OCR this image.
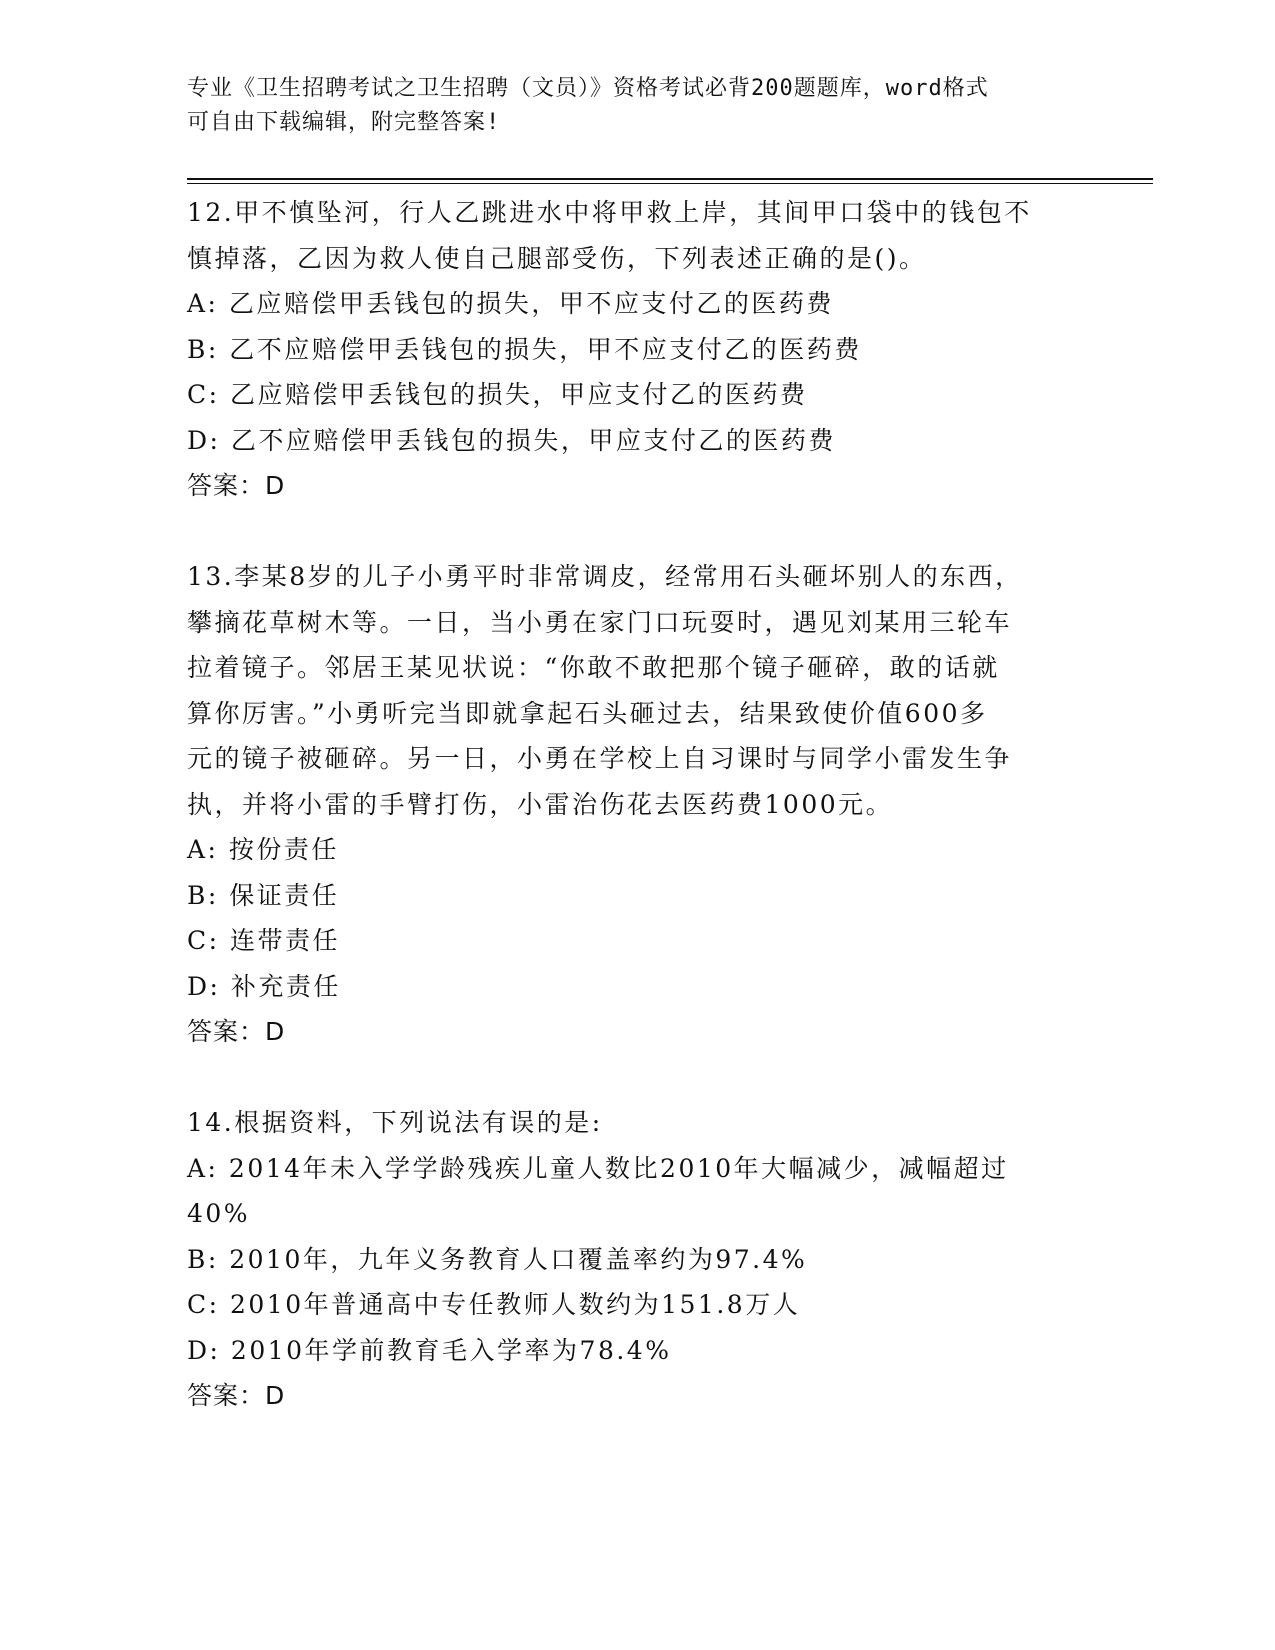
专业《卫生招聘考试之卫生招聘（文员）》资格考试必背200题题库，word格式
可自由下载编辑，附完整答案!
12.甲不慎坠河，行人乙跳进水中将甲救上岸，其间甲口袋中的钱包不
慎掉落，乙因为救人使自己腿部受伤，下列表述正确的是()。
A: 乙应赔偿甲丢钱包的损失，甲不应支付乙的医药费
B: 乙不应赔偿甲丢钱包的损失，甲不应支付乙的医药费
C: 乙应赔偿甲丢钱包的损失，甲应支付乙的医药费
D: 乙不应赔偿甲丢钱包的损失，甲应支付乙的医药费
答案：D
13.李某8岁的儿子小勇平时非常调皮，经常用石头砸坏别人的东西，
攀摘花草树木等。一日，当小勇在家门口玩耍时，遇见刘某用三轮车
拉着镜子。邻居王某见状说：“你敢不敢把那个镜子砸碎，敢的话就
算你厉害。”小勇听完当即就拿起石头砸过去，结果致使价值600多
元的镜子被砸碎。另一日，小勇在学校上自习课时与同学小雷发生争
执，并将小雷的手臂打伤，小雷治伤花去医药费1000元。
A: 按份责任
B: 保证责任
C: 连带责任
D: 补充责任
答案：D
14.根据资料，下列说法有误的是:
A: 2014年未入学学龄残疾儿童人数比2010年大幅减少，减幅超过
40%
B: 2010年，九年义务教育人口覆盖率约为97.4%
C: 2010年普通高中专任教师人数约为151.8万人
D: 2010年学前教育毛入学率为78.4%
答案：D
